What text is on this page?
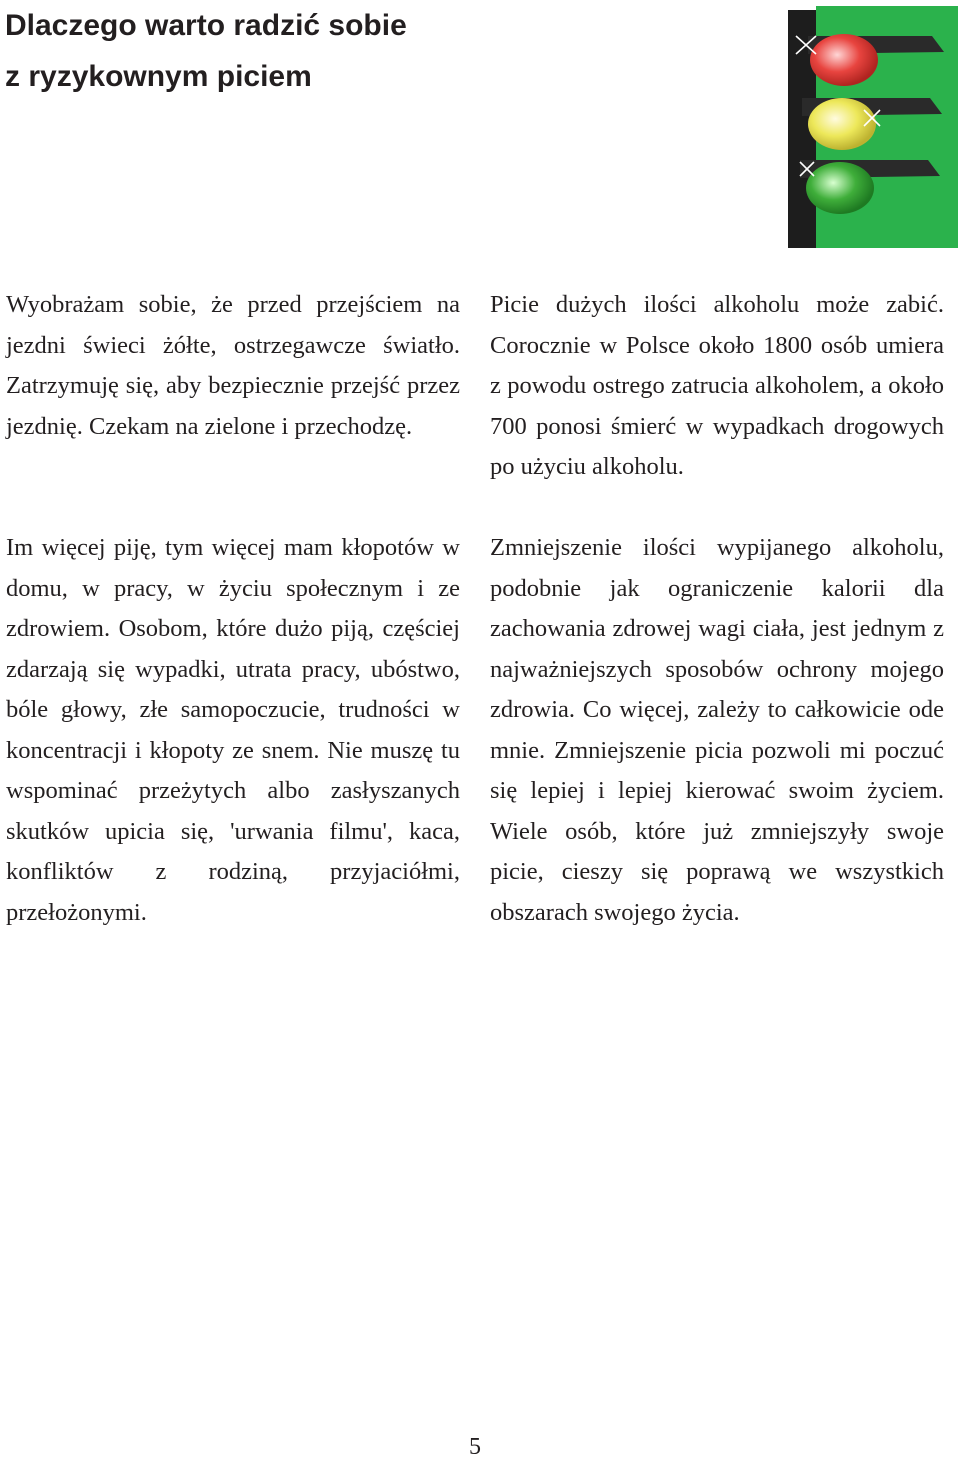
Dlaczego warto radzić sobie
z ryzykownym piciem

Wyobrażam sobie, że przed przejściem na jezdni świeci żółte, ostrzegawcze światło. Zatrzymuję się, aby bezpiecznie przejść przez jezdnię. Czekam na zielone i przechodzę.

Im więcej piję, tym więcej mam kłopotów w domu, w pracy, w życiu społecznym i ze zdrowiem. Osobom, które dużo piją, częściej zdarzają się wypadki, utrata pracy, ubóstwo, bóle głowy, złe samopoczucie, trudności w koncentracji i kłopoty ze snem. Nie muszę tu wspominać przeżytych albo zasłyszanych skutków upicia się, 'urwania filmu', kaca, konfliktów z rodziną, przyjaciółmi, przełożonymi.

Picie dużych ilości alkoholu może zabić. Corocznie w Polsce około 1800 osób umiera z powodu ostrego zatrucia alkoholem, a około 700 ponosi śmierć w wypadkach drogowych po użyciu alkoholu.

Zmniejszenie ilości wypijanego alkoholu, podobnie jak ograniczenie kalorii dla zachowania zdrowej wagi ciała, jest jednym z najważniejszych sposobów ochrony mojego zdrowia. Co więcej, zależy to całkowicie ode mnie. Zmniejszenie picia pozwoli mi poczuć się lepiej i lepiej kierować swoim życiem. Wiele osób, które już zmniejszyły swoje picie, cieszy się poprawą we wszystkich obszarach swojego życia.

5
